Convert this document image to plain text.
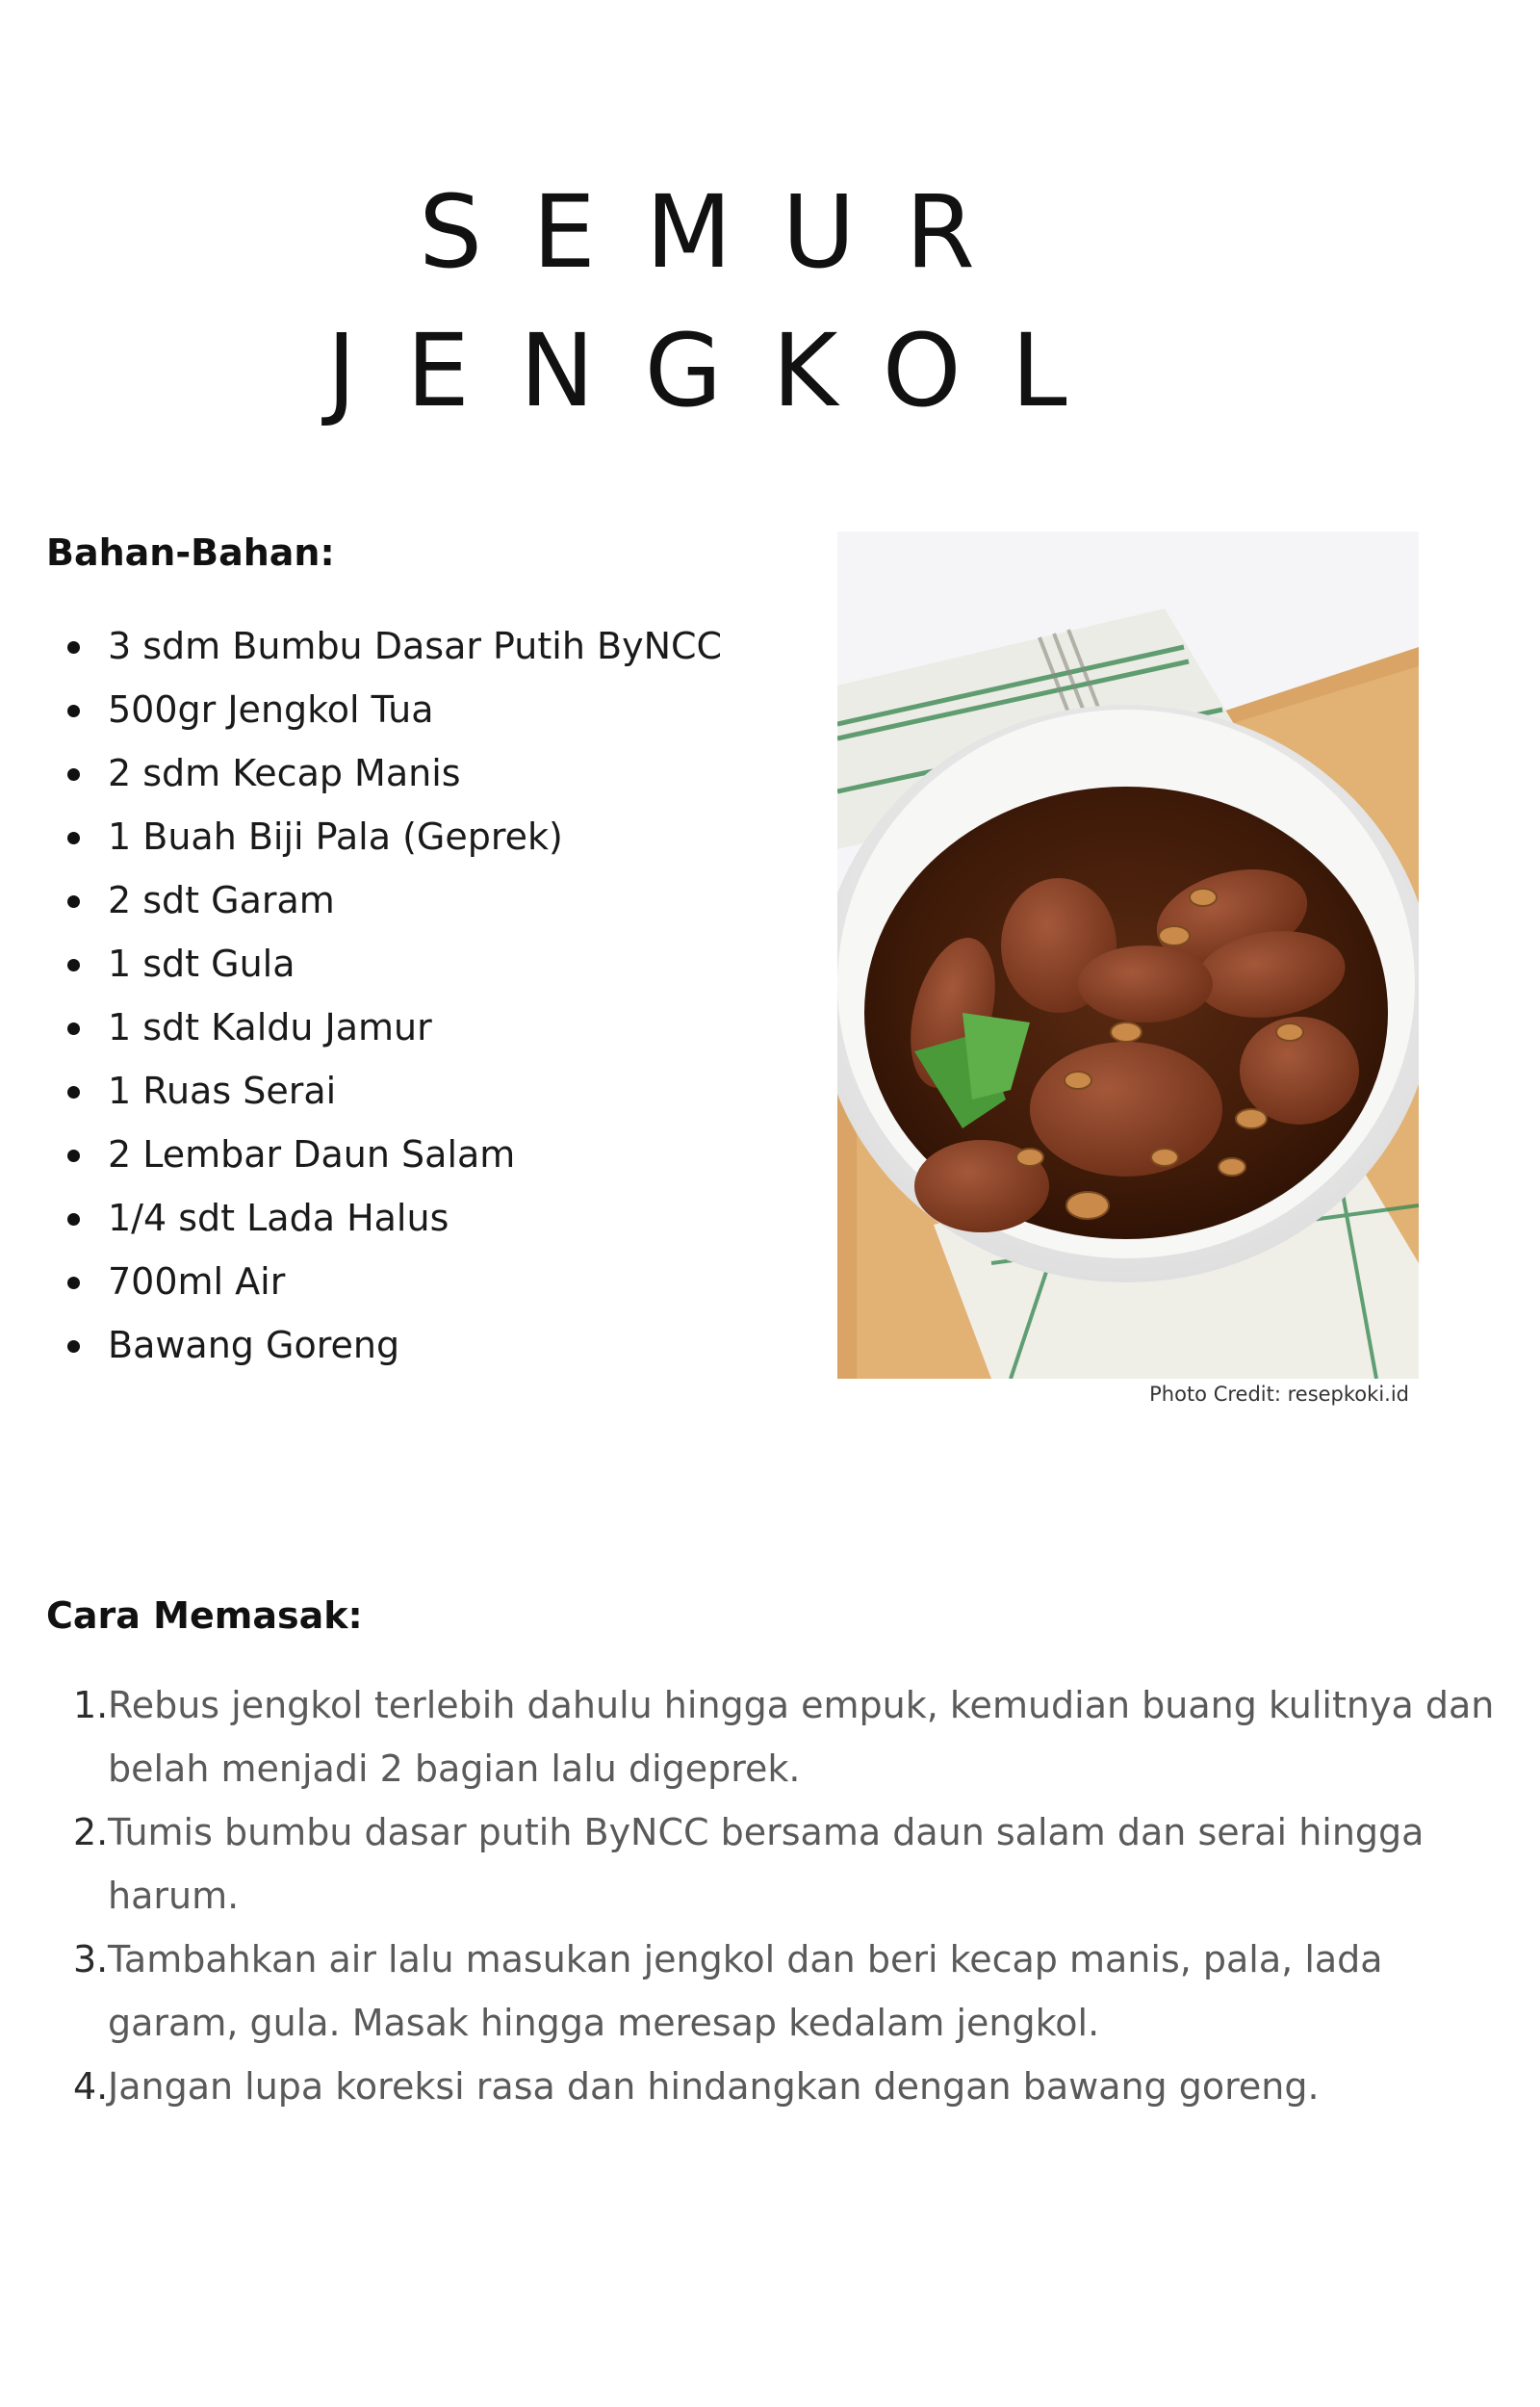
SEMUR
JENGKOL
Bahan-Bahan:
3 sdm Bumbu Dasar Putih ByNCC
500gr Jengkol Tua
2 sdm Kecap Manis
1 Buah Biji Pala (Geprek)
2 sdt Garam
1 sdt Gula
1 sdt Kaldu Jamur
1 Ruas Serai
2 Lembar Daun Salam
1/4 sdt Lada Halus
700ml Air
Bawang Goreng
Photo Credit: resepkoki.id
Cara Memasak:
1. Rebus jengkol terlebih dahulu hingga empuk, kemudian buang kulitnya dan belah menjadi 2 bagian lalu digeprek.
2. Tumis bumbu dasar putih ByNCC bersama daun salam dan serai hingga harum.
3. Tambahkan air lalu masukan jengkol dan beri kecap manis, pala, lada garam, gula. Masak hingga meresap kedalam jengkol.
4. Jangan lupa koreksi rasa dan hindangkan dengan bawang goreng.
